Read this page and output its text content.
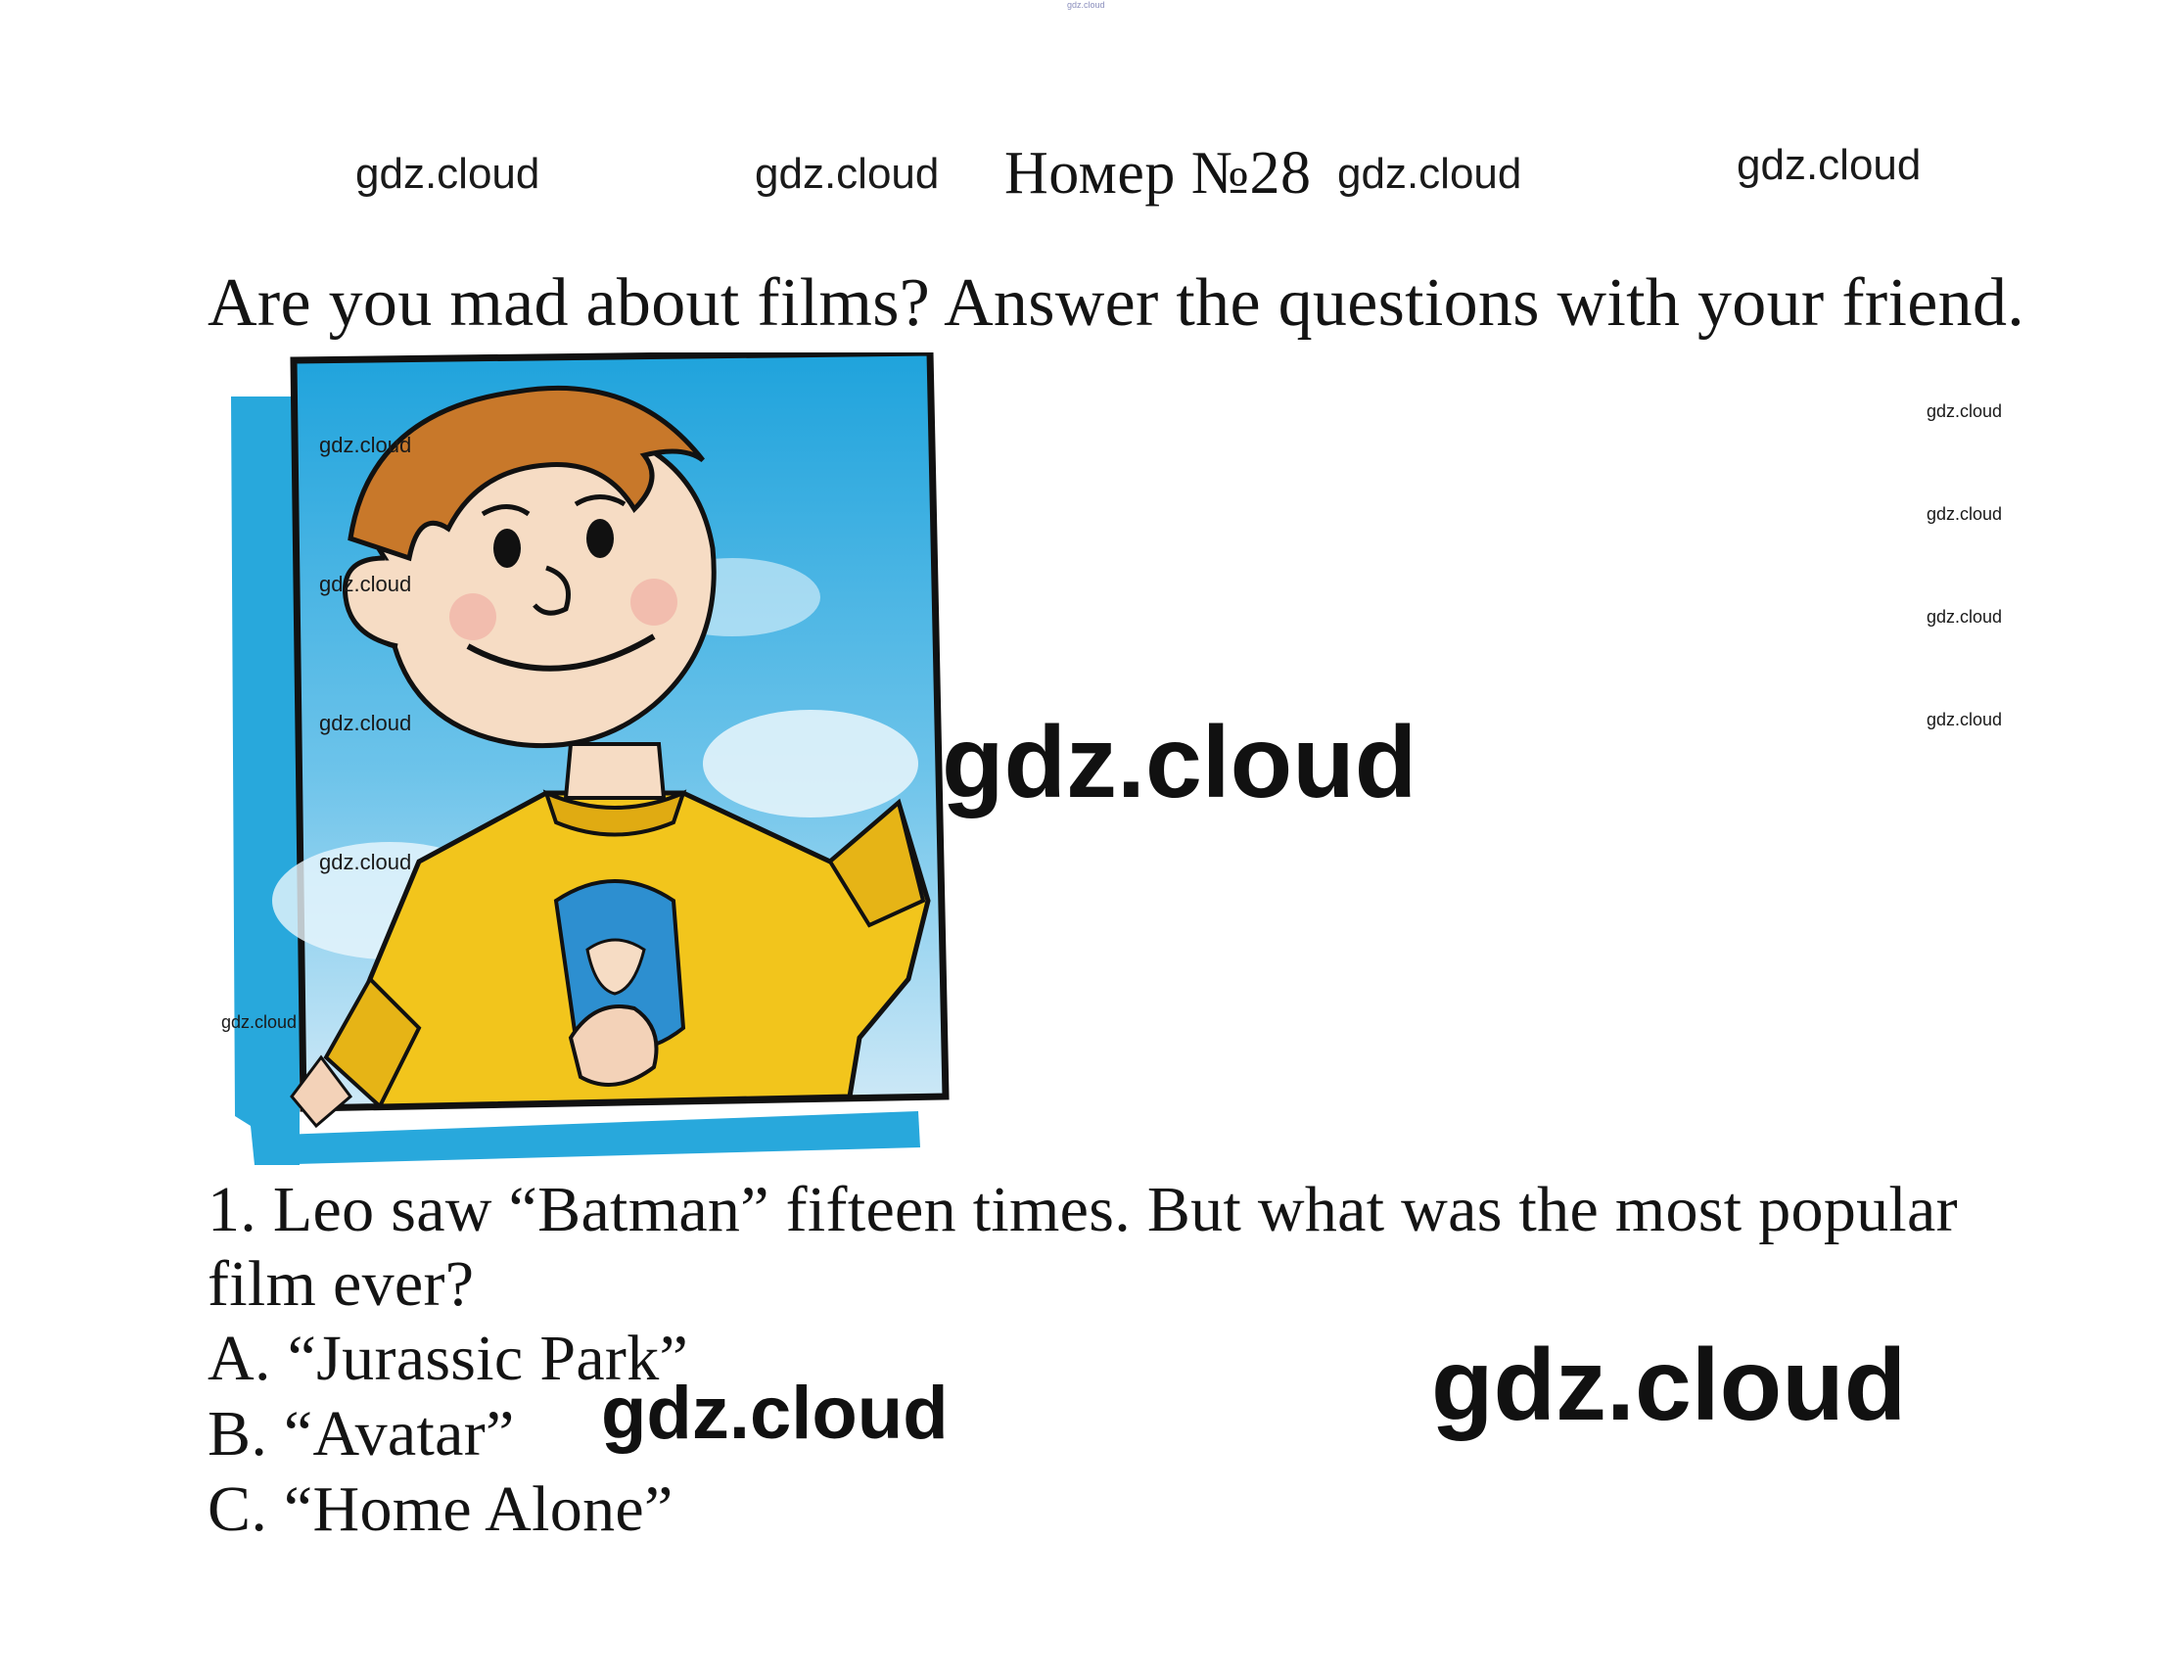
gdz.cloud
gdz.cloud	gdz.cloud Номер №28 gdz.cloud	gdz.cloud
Are you mad about films? Answer the questions with your friend.
gdz.cloud
gdz.cloud
gdz.cloud
gdz.cloud
gdz.cloud
gdz.cloud
gdz.cloud
gdz.cloud
gdz.cloud
gdz.cloud
1. Leo saw “Batman” fifteen times. But what was the most popular
film ever?
A. “Jurassic Park”
B. “Avatar”
C. “Home Alone”
gdz.cloud	gdz.cloud
